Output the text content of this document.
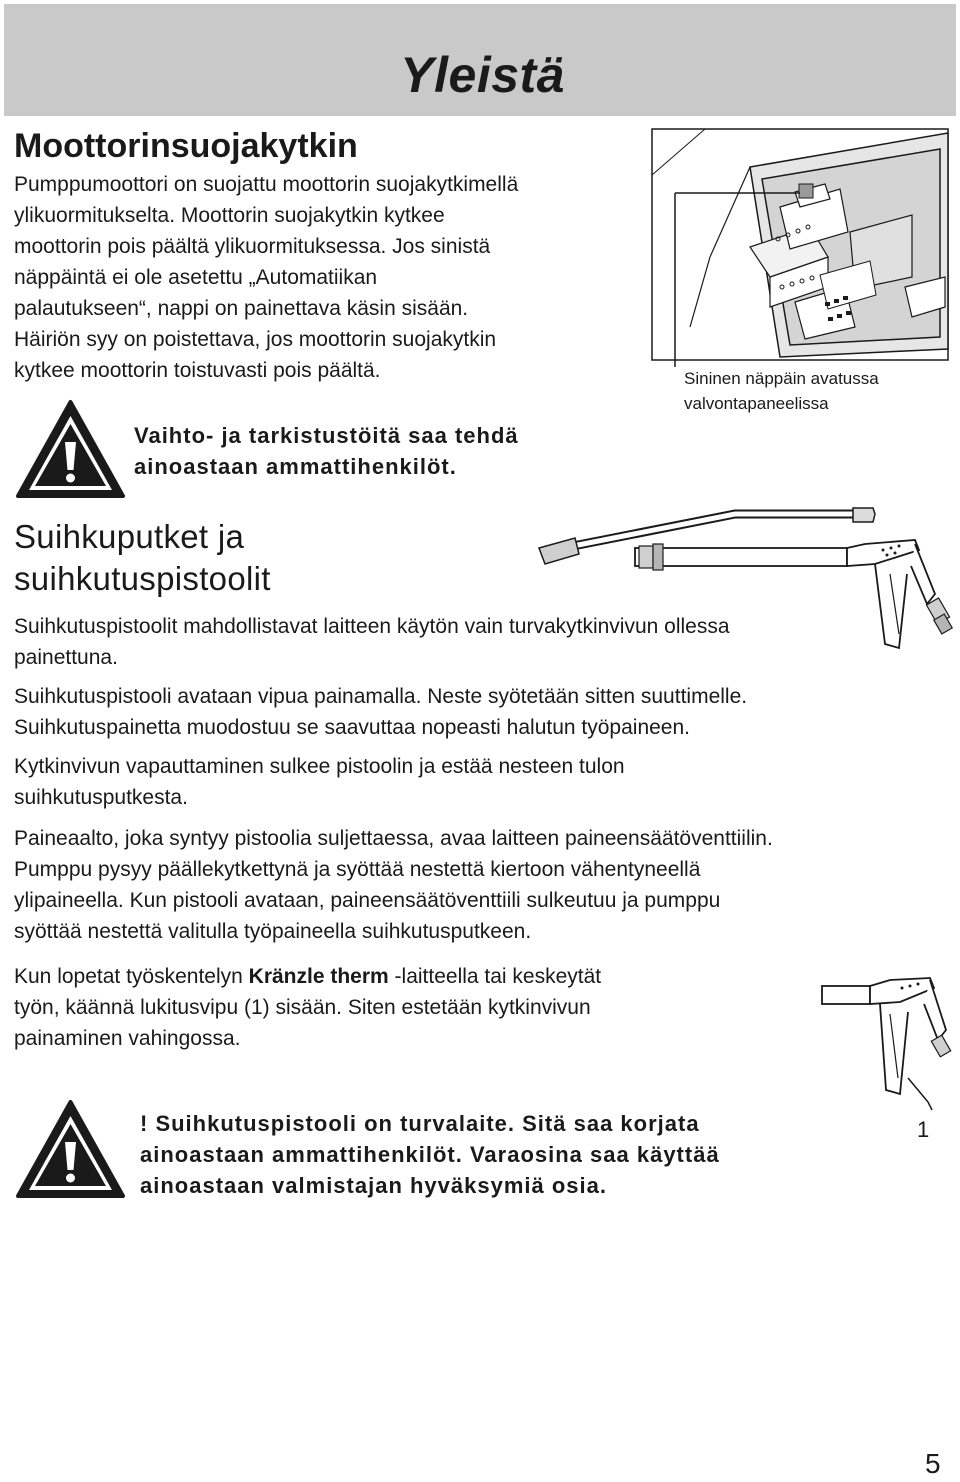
Yleistä
Moottorinsuojakytkin

Pumppumoottori on suojattu moottorin suojakytkimellä

ylikuormitukselta. Moottorin suojakytkin kytkee

moottorin pois päältä ylikuormituksessa. Jos sinistä

näppäintä ei ole asetettu „Automatiikan

palautukseen“, nappi on painettava käsin sisään.

Häiriön syy on poistettava, jos moottorin suojakytkin

kytkee moottorin toistuvasti pois päältä.

Vaihto- ja tarkistustöitä saa tehdä
ainoastaan ammattihenkilöt.
Sininen näppäin avatussa
valvontapaneelissa
Suihkuputket ja
suihkutuspistoolit

Suihkutuspistoolit mahdollistavat laitteen käytön vain turvakytkinvivun ollessa

painettuna.

Suihkutuspistooli avataan vipua painamalla. Neste syötetään sitten suuttimelle.

Suihkutuspainetta muodostuu se saavuttaa nopeasti halutun työpaineen.

Kytkinvivun vapauttaminen sulkee pistoolin ja estää nesteen tulon

suihkutusputkesta.

Paineaalto, joka syntyy pistoolia suljettaessa, avaa laitteen paineensäätöventtiilin.

Pumppu pysyy päällekytkettynä ja syöttää nestettä kiertoon vähentyneellä

ylipaineella. Kun pistooli avataan, paineensäätöventtiili sulkeutuu ja pumppu

syöttää nestettä valitulla työpaineella suihkutusputkeen.

Kun lopetat työskentelyn Kränzle therm -laitteella tai keskeytät

työn, käännä lukitusvipu (1) sisään. Siten estetään kytkinvivun

painaminen vahingossa.

1
! Suihkutuspistooli on turvalaite. Sitä saa korjata
ainoastaan ammattihenkilöt. Varaosina saa käyttää
ainoastaan valmistajan hyväksymiä osia.
5
